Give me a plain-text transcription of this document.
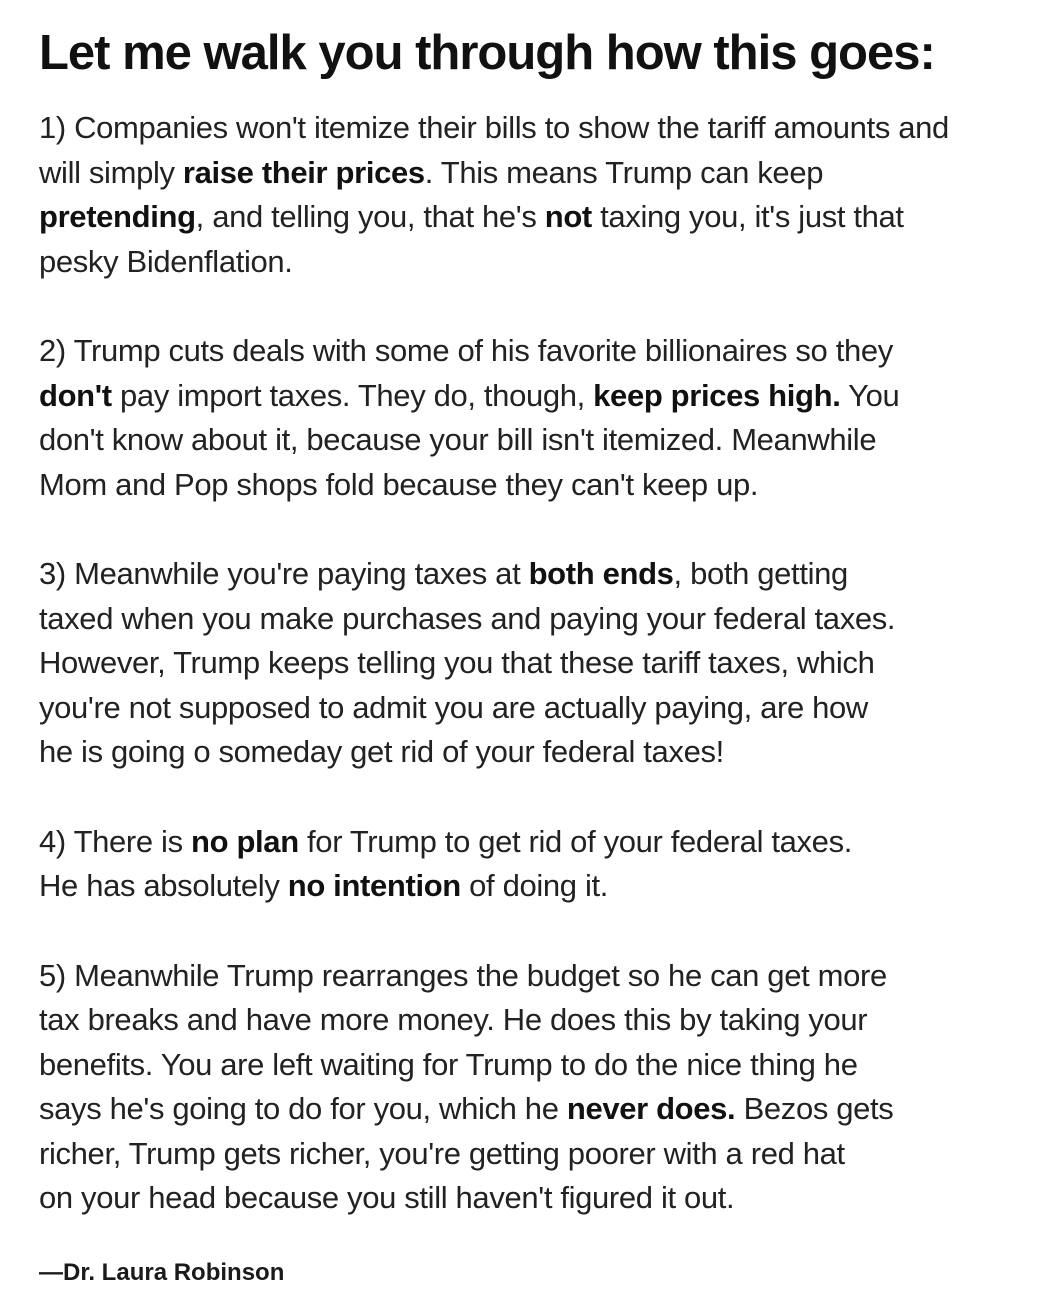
Let me walk you through how this goes:

1) Companies won't itemize their bills to show the tariff amounts and
will simply raise their prices. This means Trump can keep
pretending, and telling you, that he's not taxing you, it's just that
pesky Bidenflation.

2) Trump cuts deals with some of his favorite billionaires so they
don't pay import taxes. They do, though, keep prices high. You
don't know about it, because your bill isn't itemized. Meanwhile
Mom and Pop shops fold because they can't keep up.

3) Meanwhile you're paying taxes at both ends, both getting
taxed when you make purchases and paying your federal taxes.
However, Trump keeps telling you that these tariff taxes, which
you're not supposed to admit you are actually paying, are how
he is going o someday get rid of your federal taxes!

4) There is no plan for Trump to get rid of your federal taxes.
He has absolutely no intention of doing it.

5) Meanwhile Trump rearranges the budget so he can get more
tax breaks and have more money. He does this by taking your
benefits. You are left waiting for Trump to do the nice thing he
says he's going to do for you, which he never does. Bezos gets
richer, Trump gets richer, you're getting poorer with a red hat
on your head because you still haven't figured it out.

—Dr. Laura Robinson
